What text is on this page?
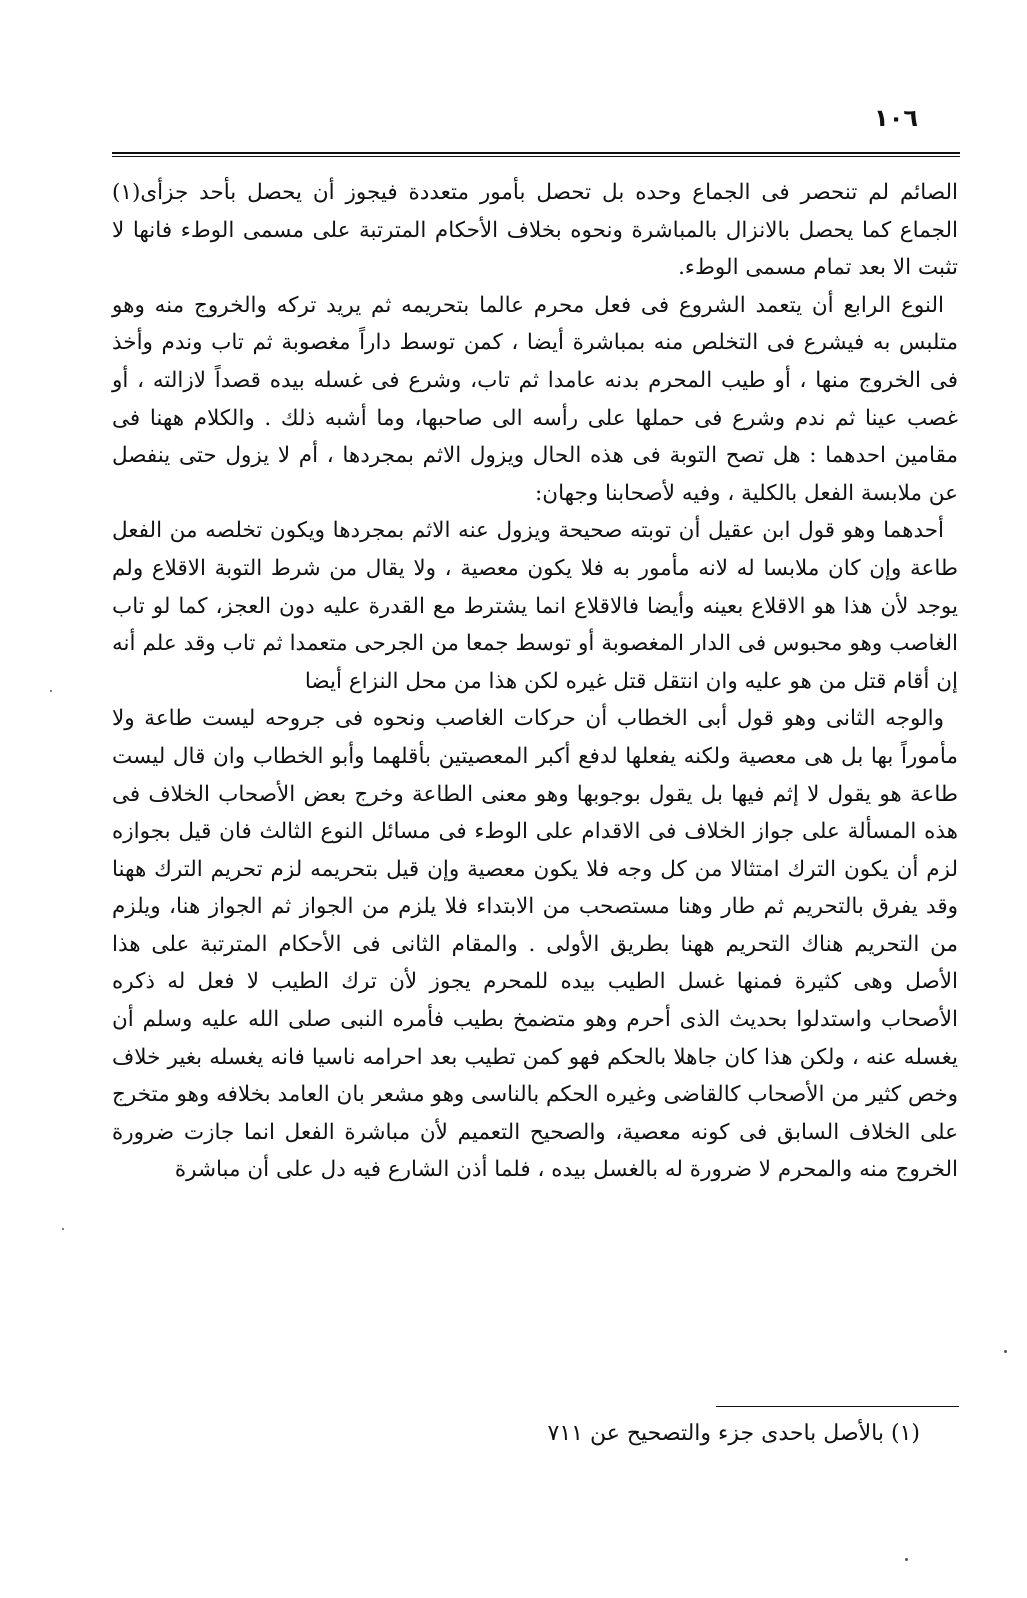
١٠٦

الصائم لم تنحصر فى الجماع وحده بل تحصل بأمور متعددة فيجوز أن يحصل بأحد جزأى(١) الجماع كما يحصل بالانزال بالمباشرة ونحوه بخلاف الأحكام المترتبة على مسمى الوطء فانها لا تثبت الا بعد تمام مسمى الوطء.

النوع الرابع أن يتعمد الشروع فى فعل محرم عالما بتحريمه ثم يريد تركه والخروج منه وهو متلبس به فيشرع فى التخلص منه بمباشرة أيضا ، كمن توسط داراً مغصوبة ثم تاب وندم وأخذ فى الخروج منها ، أو طيب المحرم بدنه عامدا ثم تاب، وشرع فى غسله بيده قصداً لازالته ، أو غصب عينا ثم ندم وشرع فى حملها على رأسه الى صاحبها، وما أشبه ذلك . والكلام ههنا فى مقامين احدهما : هل تصح التوبة فى هذه الحال ويزول الاثم بمجردها ، أم لا يزول حتى ينفصل عن ملابسة الفعل بالكلية ، وفيه لأصحابنا وجهان:

أحدهما وهو قول ابن عقيل أن توبته صحيحة ويزول عنه الاثم بمجردها ويكون تخلصه من الفعل طاعة وإن كان ملابسا له لانه مأمور به فلا يكون معصية ، ولا يقال من شرط التوبة الاقلاع ولم يوجد لأن هذا هو الاقلاع بعينه وأيضا فالاقلاع انما يشترط مع القدرة عليه دون العجز، كما لو تاب الغاصب وهو محبوس فى الدار المغصوبة أو توسط جمعا من الجرحى متعمدا ثم تاب وقد علم أنه إن أقام قتل من هو عليه وان انتقل قتل غيره لكن هذا من محل النزاع أيضا

والوجه الثانى وهو قول أبى الخطاب أن حركات الغاصب ونحوه فى جروحه ليست طاعة ولا مأموراً بها بل هى معصية ولكنه يفعلها لدفع أكبر المعصيتين بأقلهما وأبو الخطاب وان قال ليست طاعة هو يقول لا إثم فيها بل يقول بوجوبها وهو معنى الطاعة وخرج بعض الأصحاب الخلاف فى هذه المسألة على جواز الخلاف فى الاقدام على الوطء فى مسائل النوع الثالث فان قيل بجوازه لزم أن يكون الترك امتثالا من كل وجه فلا يكون معصية وإن قيل بتحريمه لزم تحريم الترك ههنا وقد يفرق بالتحريم ثم طار وهنا مستصحب من الابتداء فلا يلزم من الجواز ثم الجواز هنا، ويلزم من التحريم هناك التحريم ههنا بطريق الأولى . والمقام الثانى فى الأحكام المترتبة على هذا الأصل وهى كثيرة فمنها غسل الطيب بيده للمحرم يجوز لأن ترك الطيب لا فعل له ذكره الأصحاب واستدلوا بحديث الذى أحرم وهو متضمخ بطيب فأمره النبى صلى الله عليه وسلم أن يغسله عنه ، ولكن هذا كان جاهلا بالحكم فهو كمن تطيب بعد احرامه ناسيا فانه يغسله بغير خلاف وخص كثير من الأصحاب كالقاضى وغيره الحكم بالناسى وهو مشعر بان العامد بخلافه وهو متخرج على الخلاف السابق فى كونه معصية، والصحيح التعميم لأن مباشرة الفعل انما جازت ضرورة الخروج منه والمحرم لا ضرورة له بالغسل بيده ، فلما أذن الشارع فيه دل على أن مباشرة

(١) بالأصل باحدى جزء والتصحيح عن ٧١١
